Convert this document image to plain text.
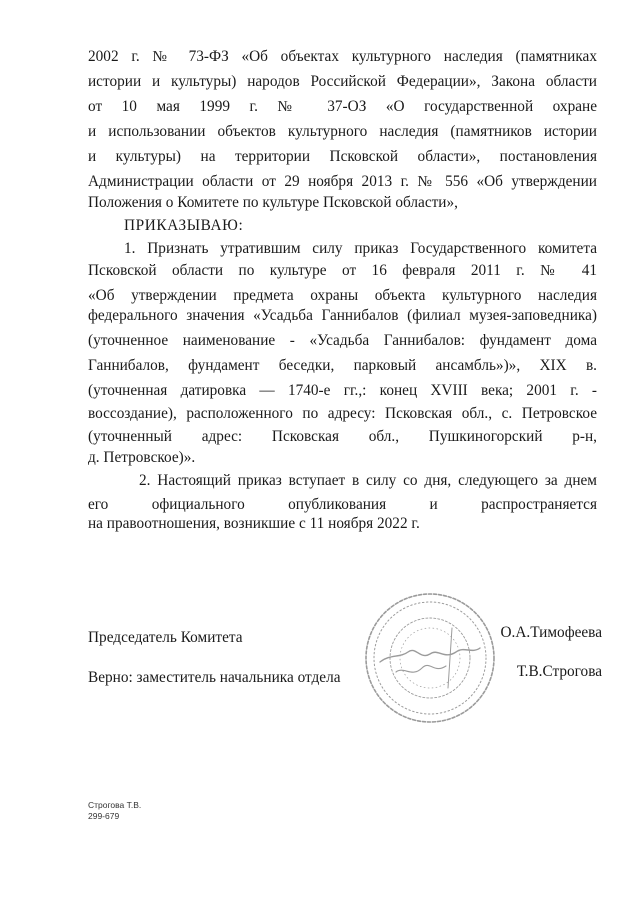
2002 г. № 73-ФЗ «Об объектах культурного наследия (памятниках
истории и культуры) народов Российской Федерации», Закона области
от 10 мая 1999 г. № 37-ОЗ «О государственной охране
и использовании объектов культурного наследия (памятников истории
и культуры) на территории Псковской области», постановления
Администрации области от 29 ноября 2013 г. № 556 «Об утверждении
Положения о Комитете по культуре Псковской области»,
ПРИКАЗЫВАЮ:
1. Признать утратившим силу приказ Государственного комитета
Псковской области по культуре от 16 февраля 2011 г. № 41
«Об утверждении предмета охраны объекта культурного наследия
федерального значения «Усадьба Ганнибалов (филиал музея-заповедника)
(уточненное наименование - «Усадьба Ганнибалов: фундамент дома
Ганнибалов, фундамент беседки, парковый ансамбль»)», XIX в.
(уточненная датировка — 1740-е гг.,: конец XVIII века; 2001 г. -
воссоздание), расположенного по адресу: Псковская обл., с. Петровское
(уточненный адрес: Псковская обл., Пушкиногорский р-н,
д. Петровское)».
2. Настоящий приказ вступает в силу со дня, следующего за днем
его официального опубликования и распространяется
на правоотношения, возникшие с 11 ноября 2022 г.
Председатель Комитета	О.А.Тимофеева
Верно: заместитель начальника отдела	Т.В.Строгова
Строгова Т.В.
299-679
